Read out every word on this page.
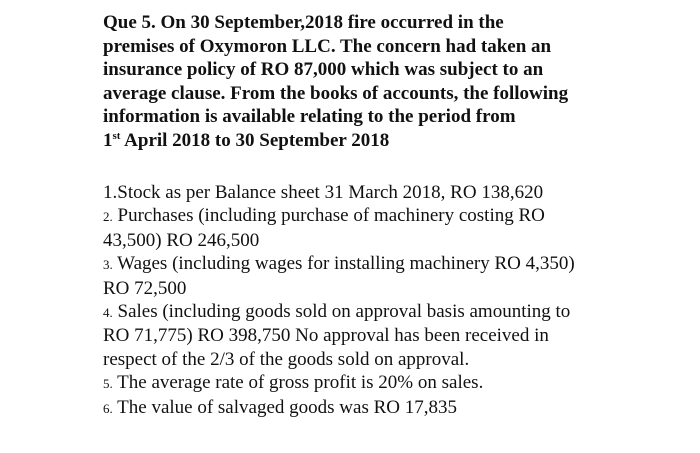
Que 5. On 30 September,2018 fire occurred in the
premises of Oxymoron LLC. The concern had taken an
insurance policy of RO 87,000 which was subject to an
average clause. From the books of accounts, the following
information is available relating to the period from
1st April 2018 to 30 September 2018
1.Stock as per Balance sheet 31 March 2018, RO 138,620
2. Purchases (including purchase of machinery costing RO
43,500) RO 246,500
3. Wages (including wages for installing machinery RO 4,350)
RO 72,500
4. Sales (including goods sold on approval basis amounting to
RO 71,775) RO 398,750 No approval has been received in
respect of the 2/3 of the goods sold on approval.
5. The average rate of gross profit is 20% on sales.
6. The value of salvaged goods was RO 17,835
